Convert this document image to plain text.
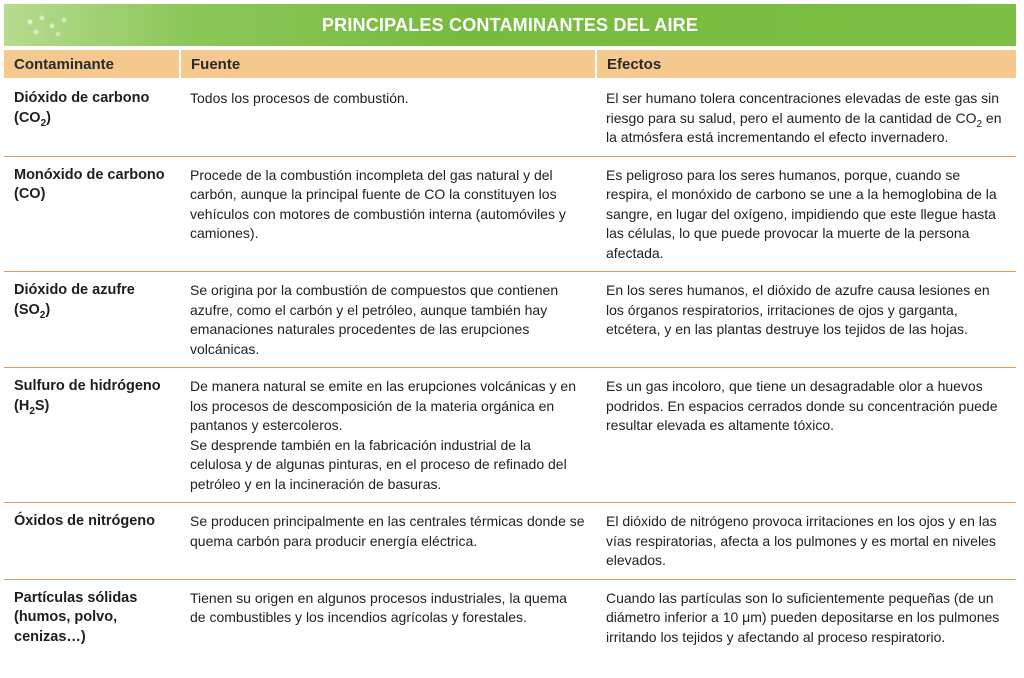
PRINCIPALES CONTAMINANTES DEL AIRE
Contaminante	Fuente	Efectos

Dióxido de carbono
$(CO_2)$	Todos los procesos de combustión.	El ser humano tolera concentraciones elevadas de este gas sin riesgo para su salud, pero el aumento de la cantidad de $CO_2$ en la atmósfera está incrementando el efecto invernadero.

Monóxido de carbono
(CO)	Procede de la combustión incompleta del gas natural y del carbón, aunque la principal fuente de CO la constituyen los vehículos con motores de combustión interna (automóviles y camiones).	Es peligroso para los seres humanos, porque, cuando se respira, el monóxido de carbono se une a la hemoglobina de la sangre, en lugar del oxígeno, impidiendo que este llegue hasta las células, lo que puede provocar la muerte de la persona afectada.

Dióxido de azufre
$(SO_2)$	Se origina por la combustión de compuestos que contienen azufre, como el carbón y el petróleo, aunque también hay emanaciones naturales procedentes de las erupciones volcánicas.	En los seres humanos, el dióxido de azufre causa lesiones en los órganos respiratorios, irritaciones de ojos y garganta, etcétera, y en las plantas destruye los tejidos de las hojas.

Sulfuro de hidrógeno
$(H_2S)$	De manera natural se emite en las erupciones volcánicas y en los procesos de descomposición de la materia orgánica en pantanos y estercoleros.
Se desprende también en la fabricación industrial de la celulosa y de algunas pinturas, en el proceso de refinado del petróleo y en la incineración de basuras.	Es un gas incoloro, que tiene un desagradable olor a huevos podridos. En espacios cerrados donde su concentración puede resultar elevada es altamente tóxico.
Óxidos de nitrógeno	Se producen principalmente en las centrales térmicas donde se quema carbón para producir energía eléctrica.	El dióxido de nitrógeno provoca irritaciones en los ojos y en las vías respiratorias, afecta a los pulmones y es mortal en niveles elevados.

Partículas sólidas
(humos, polvo,
cenizas…)	Tienen su origen en algunos procesos industriales, la quema de combustibles y los incendios agrícolas y forestales.	Cuando las partículas son lo suficientemente pequeñas (de un diámetro inferior a 10 μm) pueden depositarse en los pulmones irritando los tejidos y afectando al proceso respiratorio.
